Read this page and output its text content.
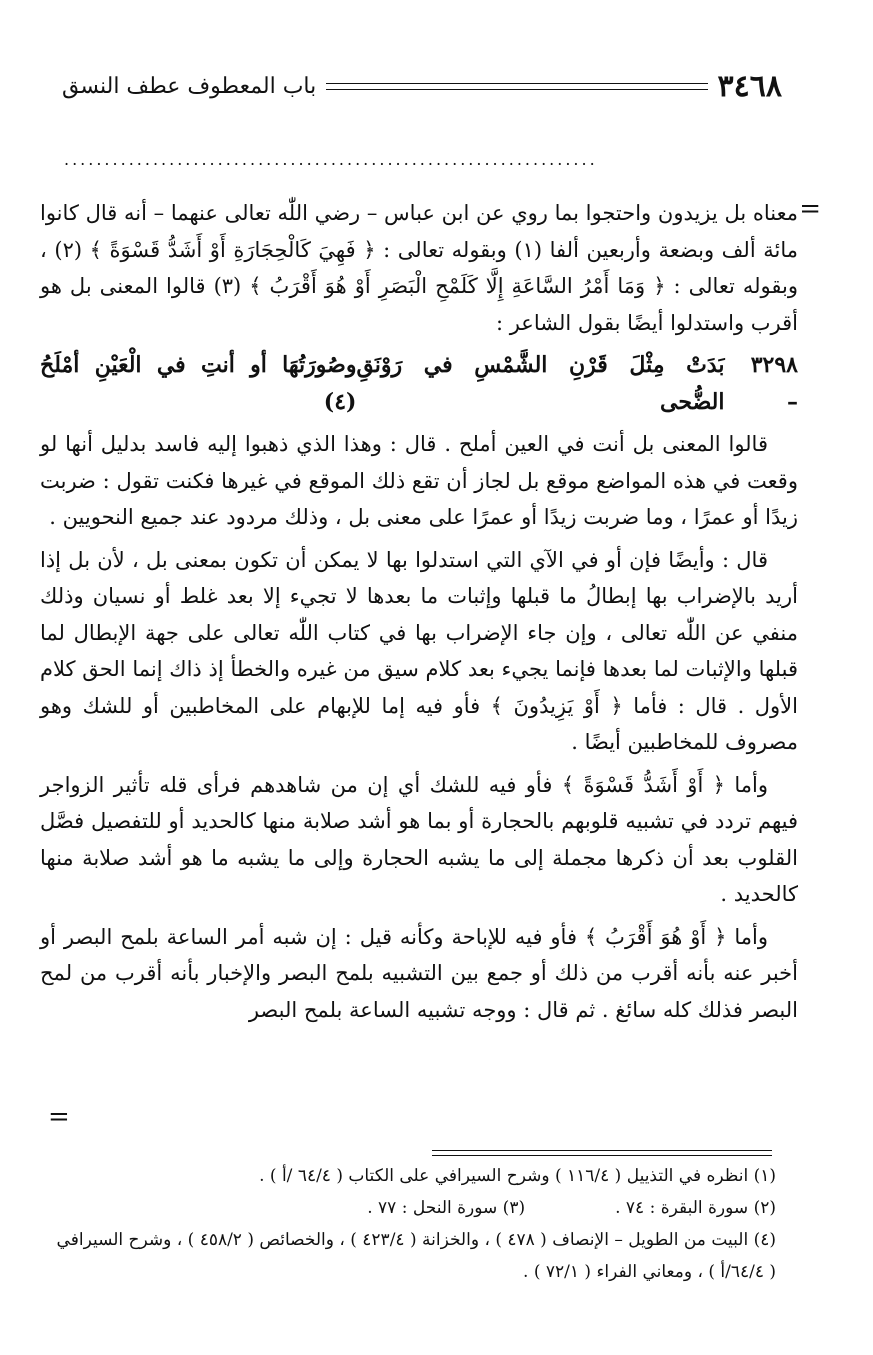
٣٤٦٨
باب المعطوف عطف النسق
..................................................................
=

معناه بل يزيدون واحتجوا بما روي عن ابن عباس – رضي اللّٰه تعالى عنهما – أنه قال كانوا مائة ألف وبضعة وأربعين ألفا (١) وبقوله تعالى : ﴿ فَهِيَ كَالْحِجَارَةِ أَوْ أَشَدُّ قَسْوَةً ﴾ (٢) ، وبقوله تعالى : ﴿ وَمَا أَمْرُ السَّاعَةِ إِلَّا كَلَمْحِ الْبَصَرِ أَوْ هُوَ أَقْرَبُ ﴾ (٣) قالوا المعنى بل هو أقرب واستدلوا أيضًا بقول الشاعر :

٣٢٩٨ –
بَدَتْ مِثْلَ قَرْنِ الشَّمْسِ في رَوْنَقِ الضُّحى
وصُورَتُهَا أو أنتِ في الْعَيْنِ أمْلَحُ (٤)

قالوا المعنى بل أنت في العين أملح . قال : وهذا الذي ذهبوا إليه فاسد بدليل أنها لو وقعت في هذه المواضع موقع بل لجاز أن تقع ذلك الموقع في غيرها فكنت تقول : ضربت زيدًا أو عمرًا ، وما ضربت زيدًا أو عمرًا على معنى بل ، وذلك مردود عند جميع النحويين .

قال : وأيضًا فإن أو في الآي التي استدلوا بها لا يمكن أن تكون بمعنى بل ، لأن بل إذا أريد بالإضراب بها إبطالُ ما قبلها وإثبات ما بعدها لا تجيء إلا بعد غلط أو نسيان وذلك منفي عن اللّٰه تعالى ، وإن جاء الإضراب بها في كتاب اللّٰه تعالى على جهة الإبطال لما قبلها والإثبات لما بعدها فإنما يجيء بعد كلام سيق من غيره والخطأ إذ ذاك إنما الحق كلام الأول . قال : فأما ﴿ أَوْ يَزِيدُونَ ﴾ فأو فيه إما للإبهام على المخاطبين أو للشك وهو مصروف للمخاطبين أيضًا .

وأما ﴿ أَوْ أَشَدُّ قَسْوَةً ﴾ فأو فيه للشك أي إن من شاهدهم فرأى قله تأثير الزواجر فيهم تردد في تشبيه قلوبهم بالحجارة أو بما هو أشد صلابة منها كالحديد أو للتفصيل فصَّل القلوب بعد أن ذكرها مجملة إلى ما يشبه الحجارة وإلى ما يشبه ما هو أشد صلابة منها كالحديد .

وأما ﴿ أَوْ هُوَ أَقْرَبُ ﴾ فأو فيه للإباحة وكأنه قيل : إن شبه أمر الساعة بلمح البصر أو أخبر عنه بأنه أقرب من ذلك أو جمع بين التشبيه بلمح البصر والإخبار بأنه أقرب من لمح البصر فذلك كله سائغ . ثم قال : ووجه تشبيه الساعة بلمح البصر

=
(١) انظره في التذييل ( ١١٦/٤ ) وشرح السيرافي على الكتاب ( ٦٤/٤ /أ ) .
(٢) سورة البقرة : ٧٤ .
(٣) سورة النحل : ٧٧ .
(٤) البيت من الطويل – الإنصاف ( ٤٧٨ ) ، والخزانة ( ٤٢٣/٤ ) ، والخصائص ( ٤٥٨/٢ ) ، وشرح السيرافي ( ٦٤/٤/أ ) ، ومعاني الفراء ( ٧٢/١ ) .
